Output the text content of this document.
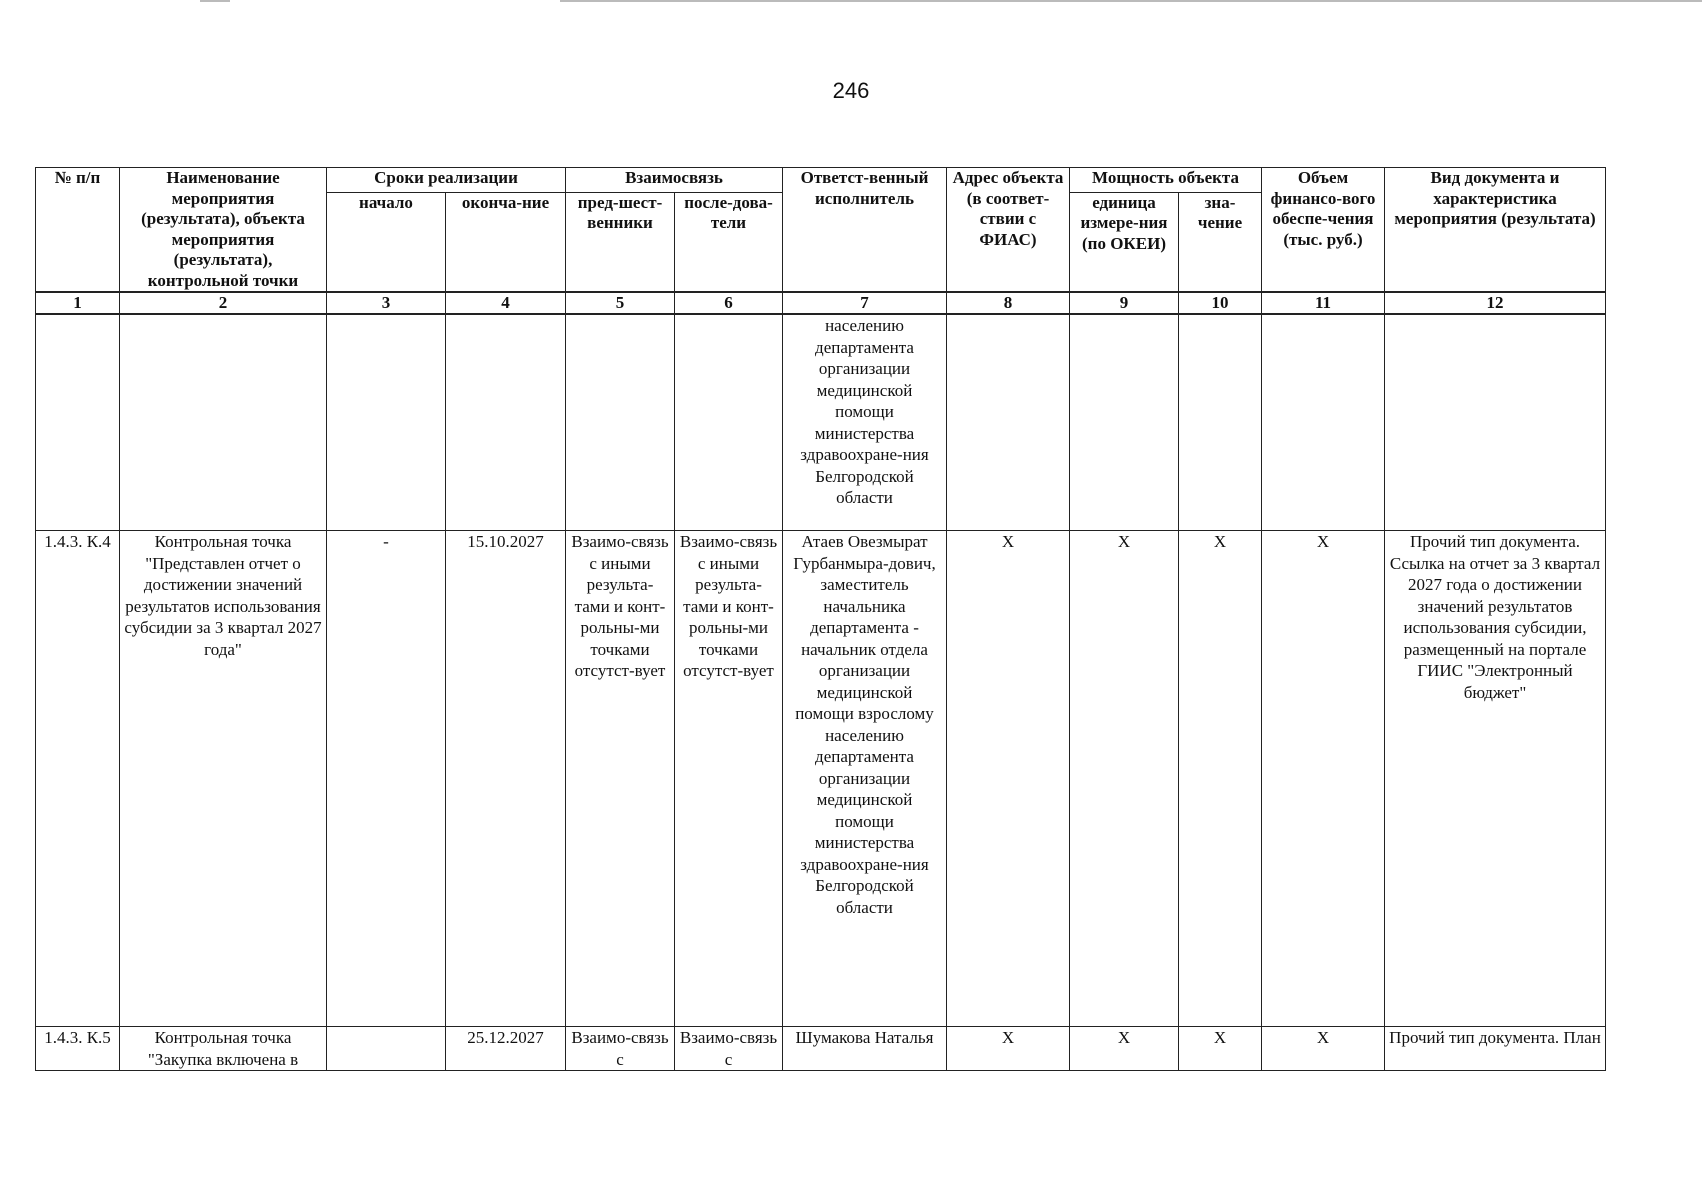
246
№ п/п	Наименование мероприятия (результата), объекта мероприятия (результата), контрольной точки	Сроки реализации		Взаимосвязь		Ответст-венный исполнитель	Адрес объекта (в соответ-ствии с ФИАС)	Мощность объекта		Объем финансо-вого обеспе-чения (тыс. руб.)	Вид документа и характеристика мероприятия (результата)
		начало	оконча-ние	пред-шест-венники	после-дова-тели			единица измере-ния (по ОКЕИ)	зна-чение		
1	2	3	4	5	6	7	8	9	10	11	12
						населению департамента организации медицинской помощи министерства здравоохране-ния Белгородской области					
1.4.3. К.4	Контрольная точка "Представлен отчет о достижении значений результатов использования субсидии за 3 квартал 2027 года"	-	15.10.2027	Взаимо-связь с иными результа-тами и конт-рольны-ми точками отсутст-вует	Взаимо-связь с иными результа-тами и конт-рольны-ми точками отсутст-вует	Атаев Овезмырат Гурбанмыра-дович, заместитель начальника департамента - начальник отдела организации медицинской помощи взрослому населению департамента организации медицинской помощи министерства здравоохране-ния Белгородской области	X	X	X	X	Прочий тип документа. Ссылка на отчет за 3 квартал 2027 года о достижении значений результатов использования субсидии, размещенный на портале ГИИС "Электронный бюджет"
1.4.3. К.5	Контрольная точка "Закупка включена в		25.12.2027	Взаимо-связь с	Взаимо-связь с	Шумакова Наталья	X	X	X	X	Прочий тип документа. План
